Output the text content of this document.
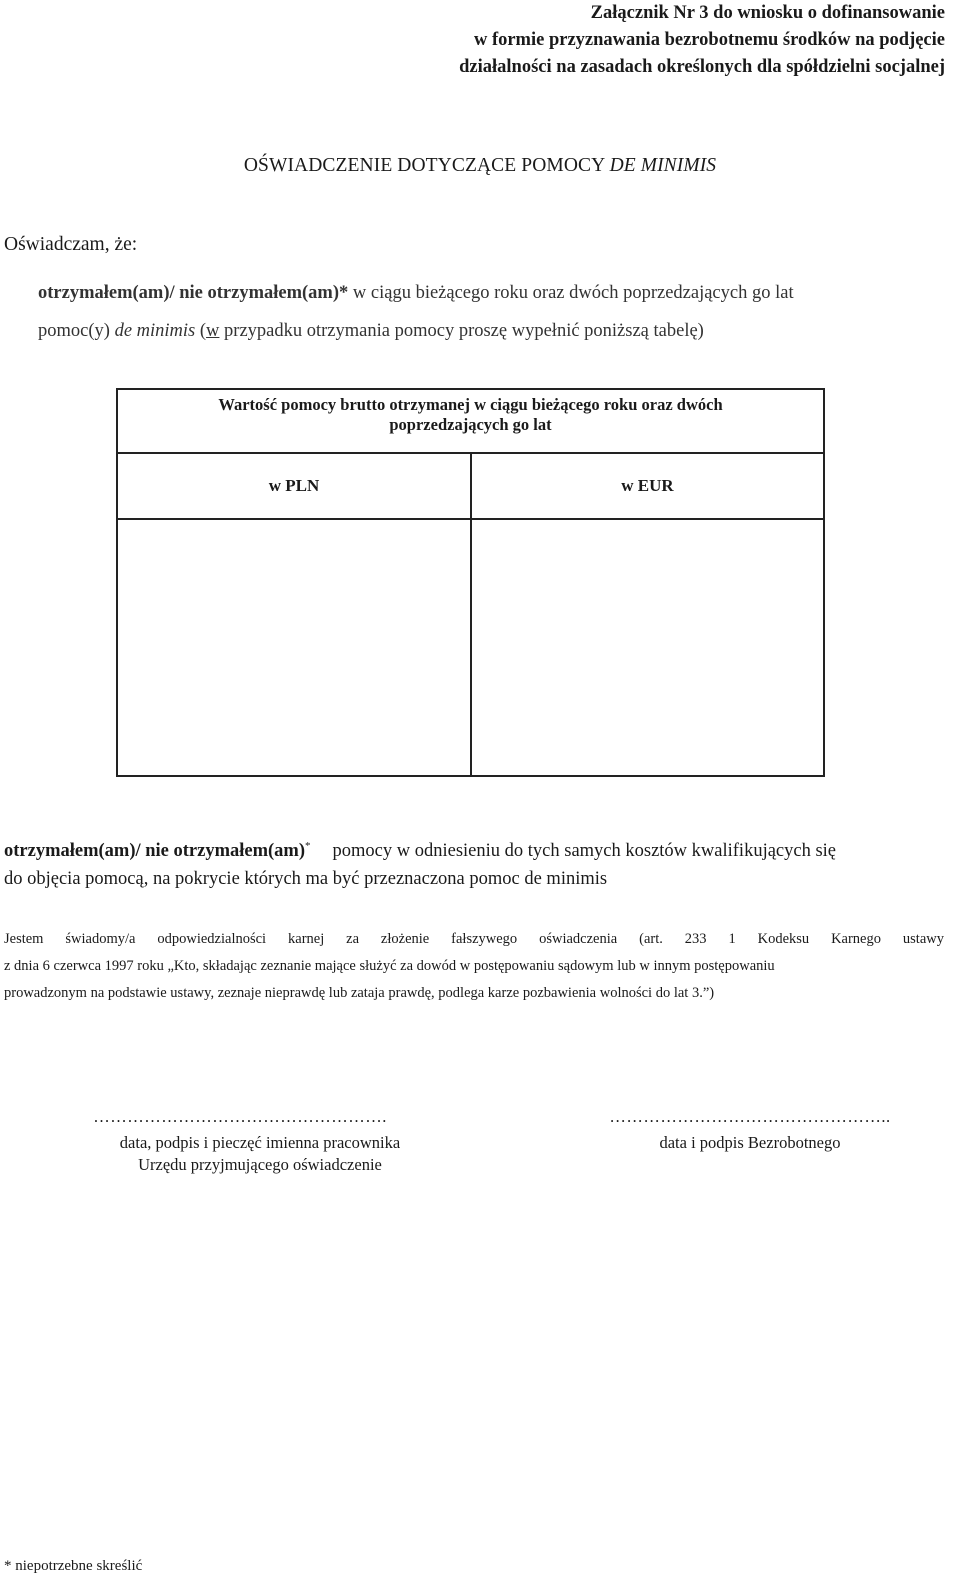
Załącznik Nr 3 do wniosku o dofinansowanie
w formie przyznawania bezrobotnemu środków na podjęcie
działalności na zasadach określonych dla spółdzielni socjalnej
OŚWIADCZENIE DOTYCZĄCE POMOCY DE MINIMIS
Oświadczam, że:
otrzymałem(am)/ nie otrzymałem(am)* w ciągu bieżącego roku oraz dwóch poprzedzających go lat
pomoc(y) de minimis (w przypadku otrzymania pomocy proszę wypełnić poniższą tabelę)
Wartość pomocy brutto otrzymanej w ciągu bieżącego roku oraz dwóch
poprzedzających go lat
w PLN	w EUR
otrzymałem(am)/ nie otrzymałem(am)* pomocy w odniesieniu do tych samych kosztów kwalifikujących się
do objęcia pomocą, na pokrycie których ma być przeznaczona pomoc de minimis
Jestem świadomy/a odpowiedzialności karnej za złożenie fałszywego oświadczenia (art. 233 1 Kodeksu Karnego ustawy
z dnia 6 czerwca 1997 roku „Kto, składając zeznanie mające służyć za dowód w postępowaniu sądowym lub w innym postępowaniu
prowadzonym na podstawie ustawy, zeznaje nieprawdę lub zataja prawdę, podlega karze pozbawienia wolności do lat 3.”)
…………………………………………….
data, podpis i pieczęć imienna pracownika
Urzędu przyjmującego oświadczenie
…………………………………………..
data i podpis Bezrobotnego
* niepotrzebne skreślić
